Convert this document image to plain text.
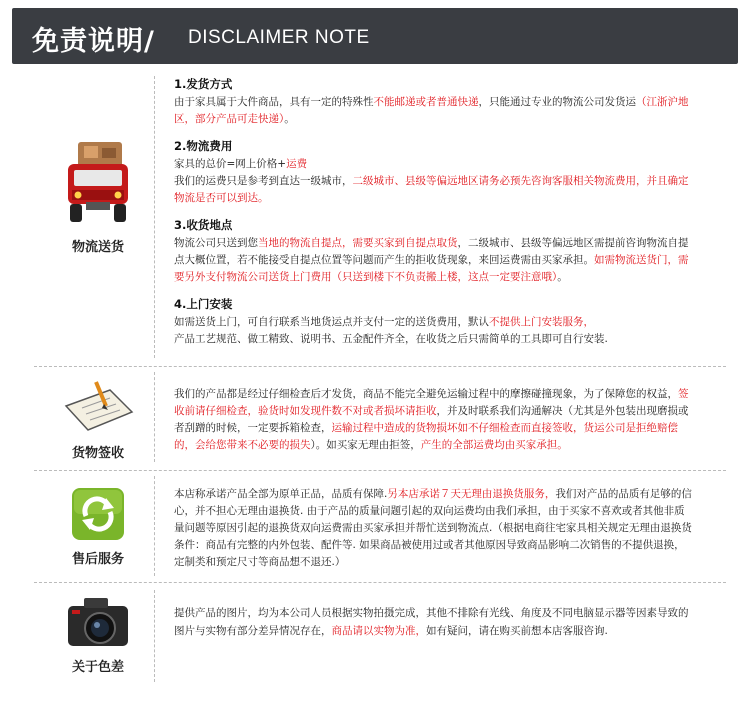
免责说明/ DISCLAIMER NOTE
物流送货

1.发货方式

由于家具属于大件商品，具有一定的特殊性不能邮递或者普通快递，只能通过专业的物流公司发货运（江浙沪地区，部分产品可走快递）。

2.物流费用

家具的总价=网上价格+运费

我们的运费只是参考到直达一级城市，二级城市、县级等偏远地区请务必预先咨询客服相关物流费用，并且确定物流是否可以到达。

3.收货地点

物流公司只送到您当地的物流自提点，需要买家到自提点取货，二级城市、县级等偏远地区需提前咨询物流自提点大概位置，若不能接受自提点位置等问题而产生的拒收货现象，来回运费需由买家承担。如需物流送货门，需要另外支付物流公司送货上门费用（只送到楼下不负责搬上楼，这点一定要注意哦）。

4.上门安装

如需送货上门，可自行联系当地货运点并支付一定的送货费用，默认不提供上门安装服务，

产品工艺规范、做工精致、说明书、五金配件齐全，在收货之后只需简单的工具即可自行安装.

货物签收

我们的产品都是经过仔细检查后才发货，商品不能完全避免运输过程中的摩擦碰撞现象，为了保障您的权益，签收前请仔细检查，验货时如发现件数不对或者损坏请拒收，并及时联系我们沟通解决（尤其是外包装出现磨损或者刮蹭的时候，一定要拆箱检查，运输过程中造成的货物损坏如不仔细检查而直接签收，货运公司是拒绝赔偿的，会给您带来不必要的损失）。如买家无理由拒签，产生的全部运费均由买家承担。

售后服务

本店称承诺产品全部为原单正品，品质有保障.另本店承诺７天无理由退换货服务，我们对产品的品质有足够的信心，并不担心无理由退换货. 由于产品的质量问题引起的双向运费均由我们承担，由于买家不喜欢或者其他非质量问题等原因引起的退换货双向运费需由买家承担并帮忙送到物流点.（根据电商往宅家具相关规定无理由退换货条件：商品有完整的内外包装、配件等. 如果商品被使用过或者其他原因导致商品影响二次销售的不提供退换，定制类和预定尺寸等商品想不退还.）

关于色差

提供产品的图片，均为本公司人员根据实物拍摄完成，其他不排除有光线、角度及不同电脑显示器等因素导致的图片与实物有部分差异情况存在，商品请以实物为准，如有疑问，请在购买前想本店客服咨询.
